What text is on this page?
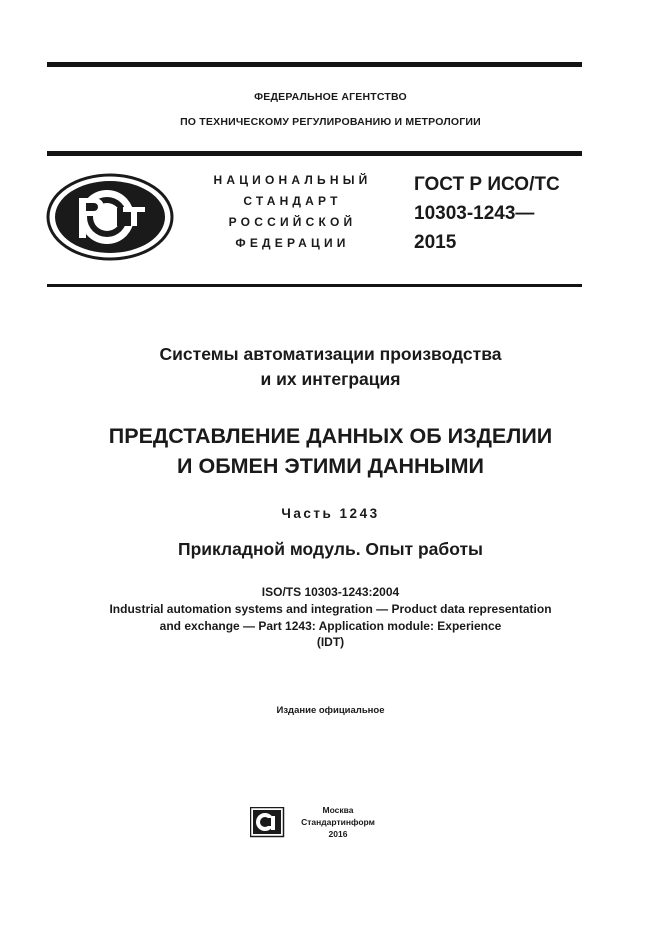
ФЕДЕРАЛЬНОЕ АГЕНТСТВО
ПО ТЕХНИЧЕСКОМУ РЕГУЛИРОВАНИЮ И МЕТРОЛОГИИ
НАЦИОНАЛЬНЫЙ
СТАНДАРТ
РОССИЙСКОЙ
ФЕДЕРАЦИИ
ГОСТ Р ИСО/ТС
10303-1243—
2015
Системы автоматизации производства
и их интеграция
ПРЕДСТАВЛЕНИЕ ДАННЫХ ОБ ИЗДЕЛИИ
И ОБМЕН ЭТИМИ ДАННЫМИ
Часть 1243
Прикладной модуль. Опыт работы
ISO/TS 10303-1243:2004
Industrial automation systems and integration — Product data representation
and exchange — Part 1243: Application module: Experience
(IDT)
Издание официальное
Москва
Стандартинформ
2016
